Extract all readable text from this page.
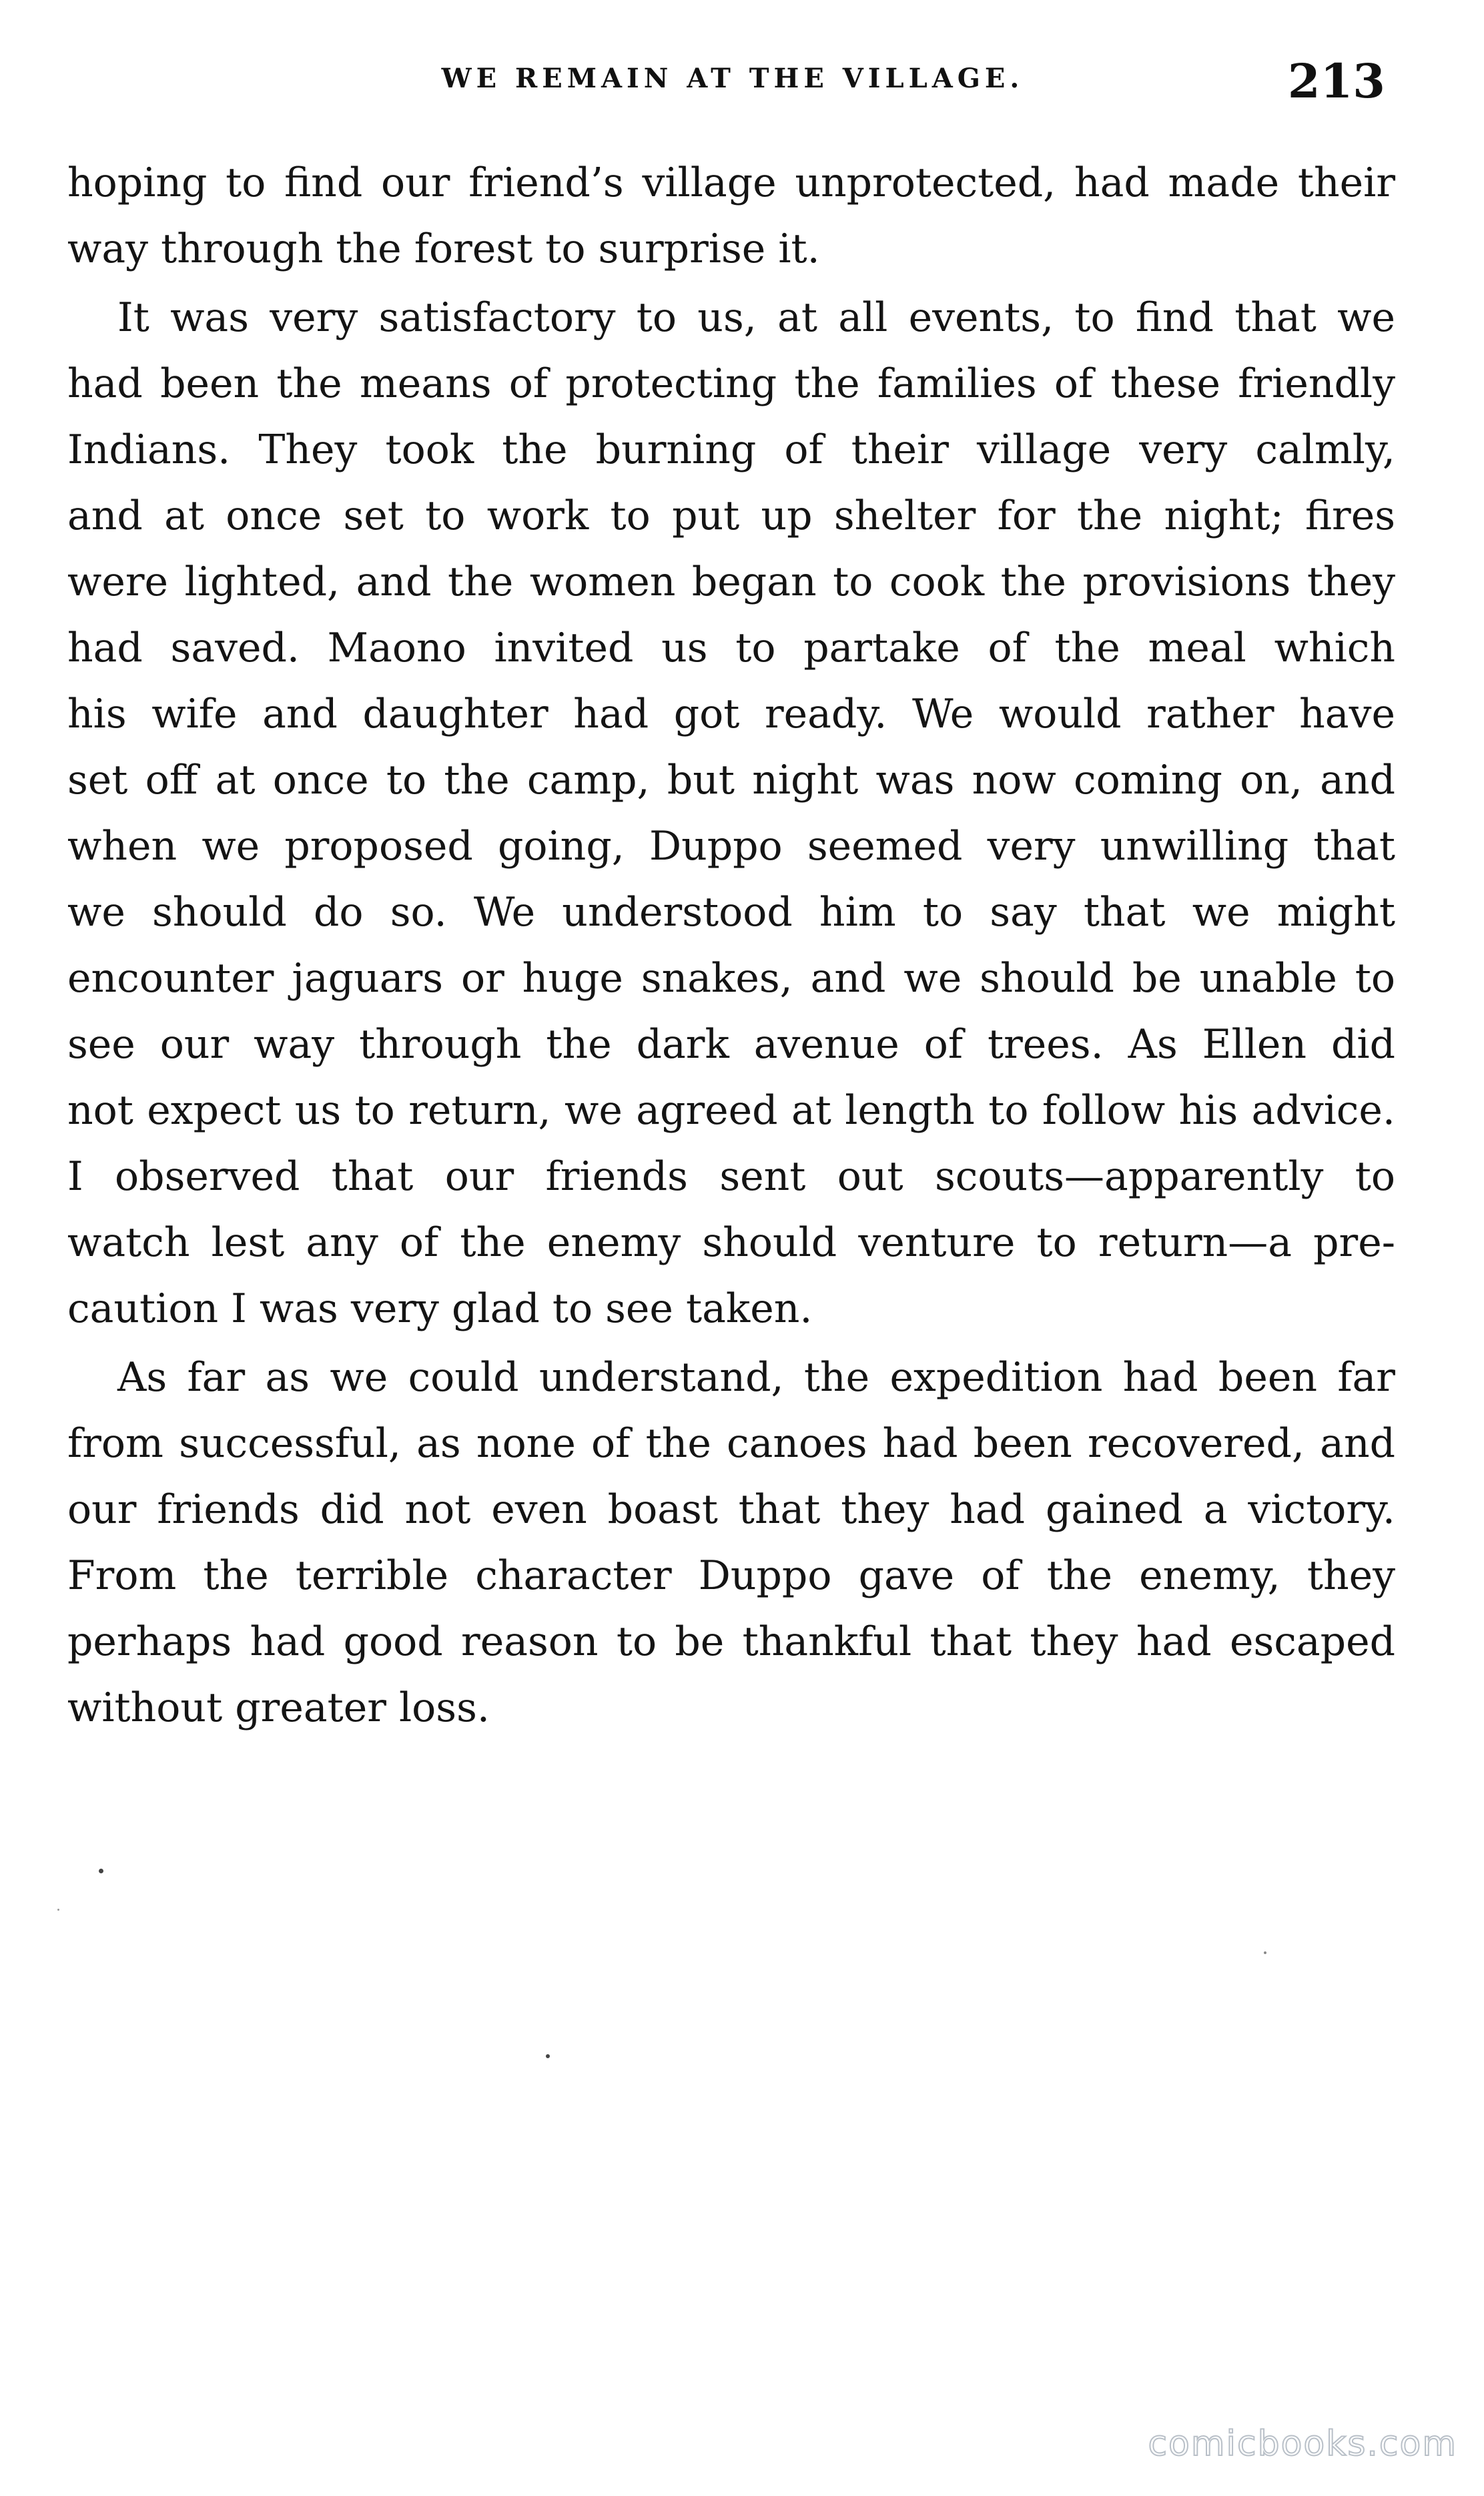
WE REMAIN AT THE VILLAGE.	213
hoping to find our friend’s village unprotected, had made their
way through the forest to surprise it.
It was very satisfactory to us, at all events, to find that we
had been the means of protecting the families of these friendly
Indians. They took the burning of their village very calmly,
and at once set to work to put up shelter for the night; fires
were lighted, and the women began to cook the provisions they
had saved. Maono invited us to partake of the meal which
his wife and daughter had got ready. We would rather have
set off at once to the camp, but night was now coming on, and
when we proposed going, Duppo seemed very unwilling that
we should do so. We understood him to say that we might
encounter jaguars or huge snakes, and we should be unable to
see our way through the dark avenue of trees. As Ellen did
not expect us to return, we agreed at length to follow his advice.
I observed that our friends sent out scouts—apparently to
watch lest any of the enemy should venture to return—a pre-
caution I was very glad to see taken.
As far as we could understand, the expedition had been far
from successful, as none of the canoes had been recovered, and
our friends did not even boast that they had gained a victory.
From the terrible character Duppo gave of the enemy, they
perhaps had good reason to be thankful that they had escaped
without greater loss.
comicbooks.com
